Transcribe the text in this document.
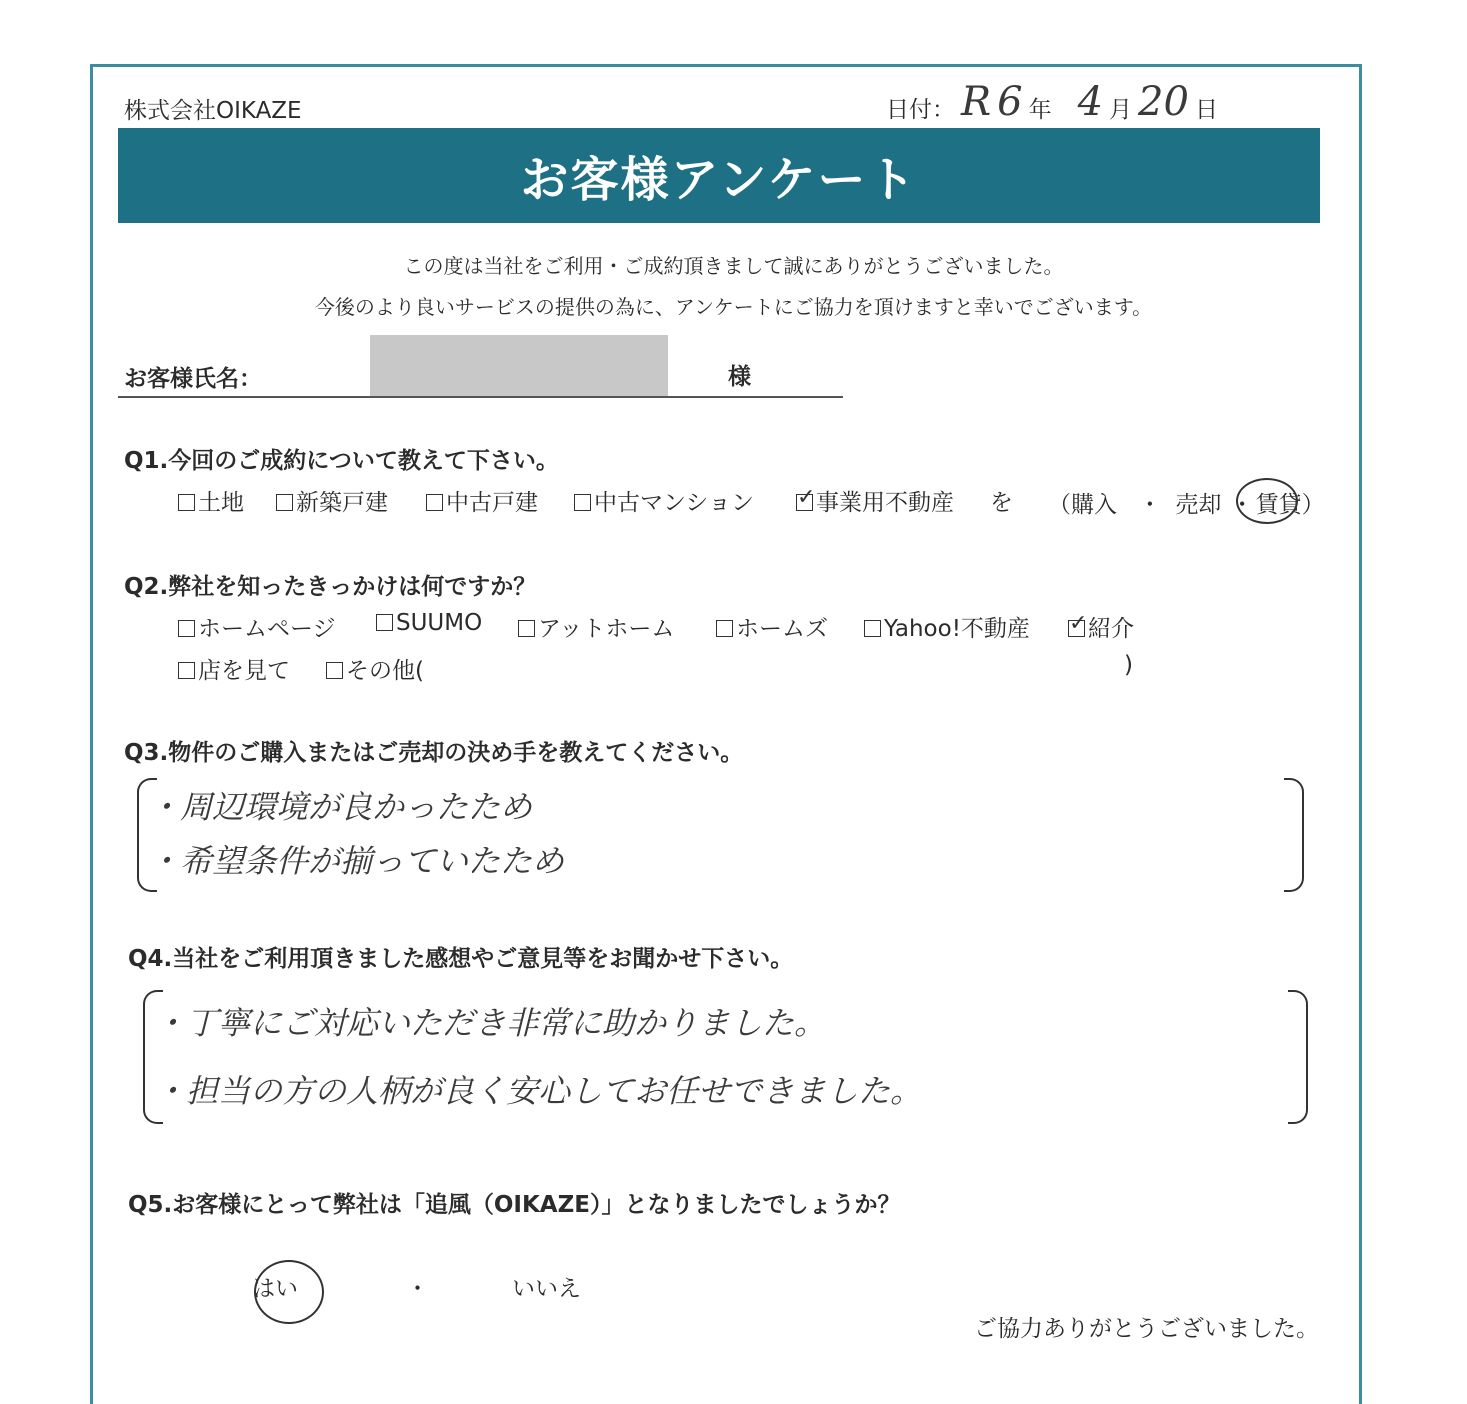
株式会社OIKAZE	日付： R 6 年 4 月 20 日
お客様アンケート
この度は当社をご利用・ご成約頂きまして誠にありがとうございました。
今後のより良いサービスの提供の為に、アンケートにご協力を頂けますと幸いでございます。
お客様氏名：	様
Q1.今回のご成約について教えて下さい。
土地	新築戸建	中古戸建	中古マンション ✓	事業用不動産 を （購入 ・ 売却 ・賃貸）
Q2.弊社を知ったきっかけは何ですか？
ホームページ	SUUMO	アットホーム	ホームズ	Yahoo!不動産 ✓	紹介
店を見て	その他(	)
Q3.物件のご購入またはご売却の決め手を教えてください。
・周辺環境が良かったため
・希望条件が揃っていたため
Q4.当社をご利用頂きました感想やご意見等をお聞かせ下さい。
・丁寧にご対応いただき非常に助かりました。
・担当の方の人柄が良く安心してお任せできました。
Q5.お客様にとって弊社は「追風（OIKAZE）」となりましたでしょうか？
はい	・	いいえ
ご協力ありがとうございました。
